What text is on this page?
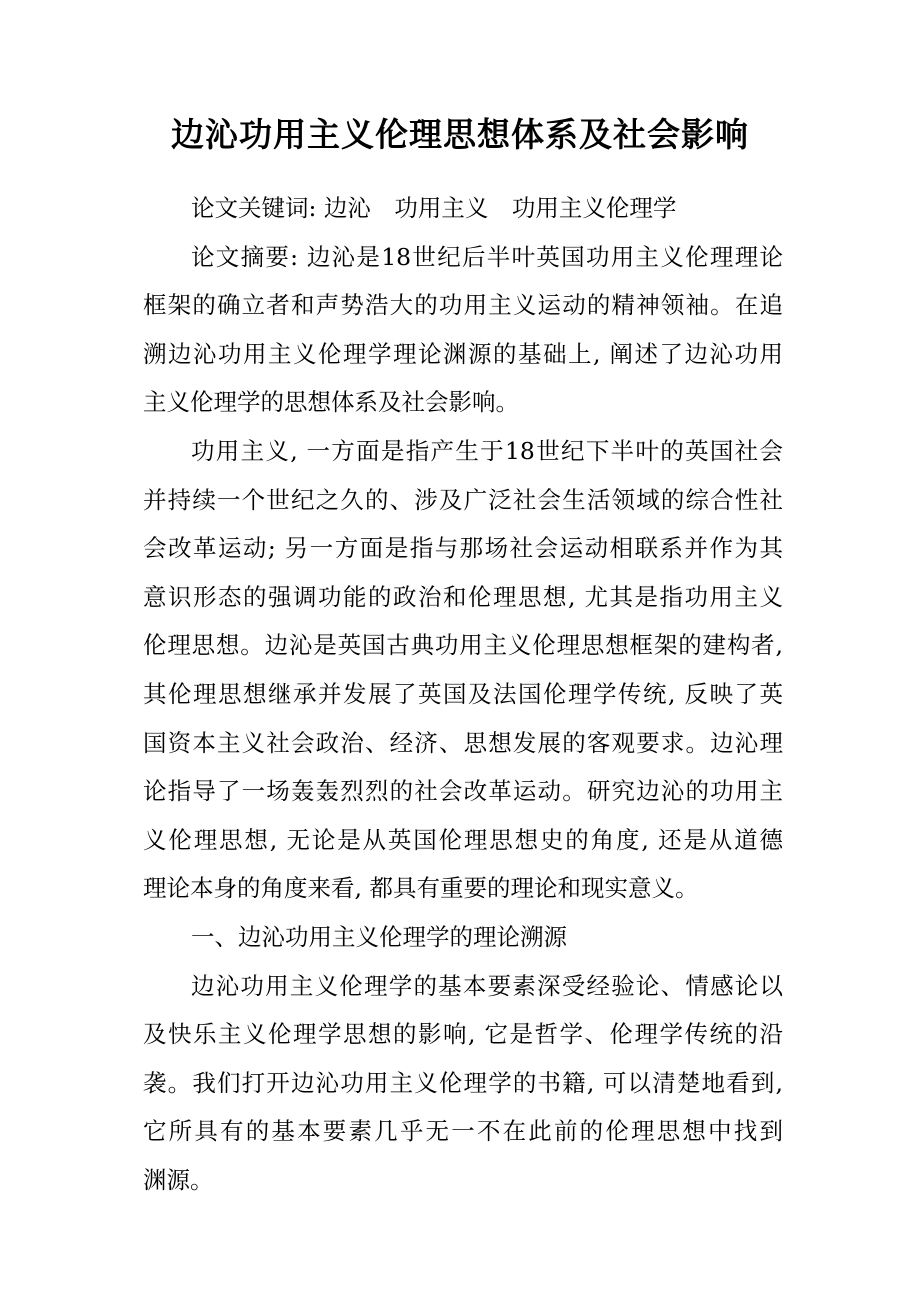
边沁功用主义伦理思想体系及社会影响
论文关键词: 边沁　功用主义　功用主义伦理学
论文摘要: 边沁是18世纪后半叶英国功用主义伦理理论
框架的确立者和声势浩大的功用主义运动的精神领袖。在追
溯边沁功用主义伦理学理论渊源的基础上, 阐述了边沁功用
主义伦理学的思想体系及社会影响。
功用主义, 一方面是指产生于18世纪下半叶的英国社会
并持续一个世纪之久的、涉及广泛社会生活领域的综合性社
会改革运动; 另一方面是指与那场社会运动相联系并作为其
意识形态的强调功能的政治和伦理思想, 尤其是指功用主义
伦理思想。边沁是英国古典功用主义伦理思想框架的建构者,
其伦理思想继承并发展了英国及法国伦理学传统, 反映了英
国资本主义社会政治、经济、思想发展的客观要求。边沁理
论指导了一场轰轰烈烈的社会改革运动。研究边沁的功用主
义伦理思想, 无论是从英国伦理思想史的角度, 还是从道德
理论本身的角度来看, 都具有重要的理论和现实意义。
一、边沁功用主义伦理学的理论溯源
边沁功用主义伦理学的基本要素深受经验论、情感论以
及快乐主义伦理学思想的影响, 它是哲学、伦理学传统的沿
袭。我们打开边沁功用主义伦理学的书籍, 可以清楚地看到,
它所具有的基本要素几乎无一不在此前的伦理思想中找到
渊源。
